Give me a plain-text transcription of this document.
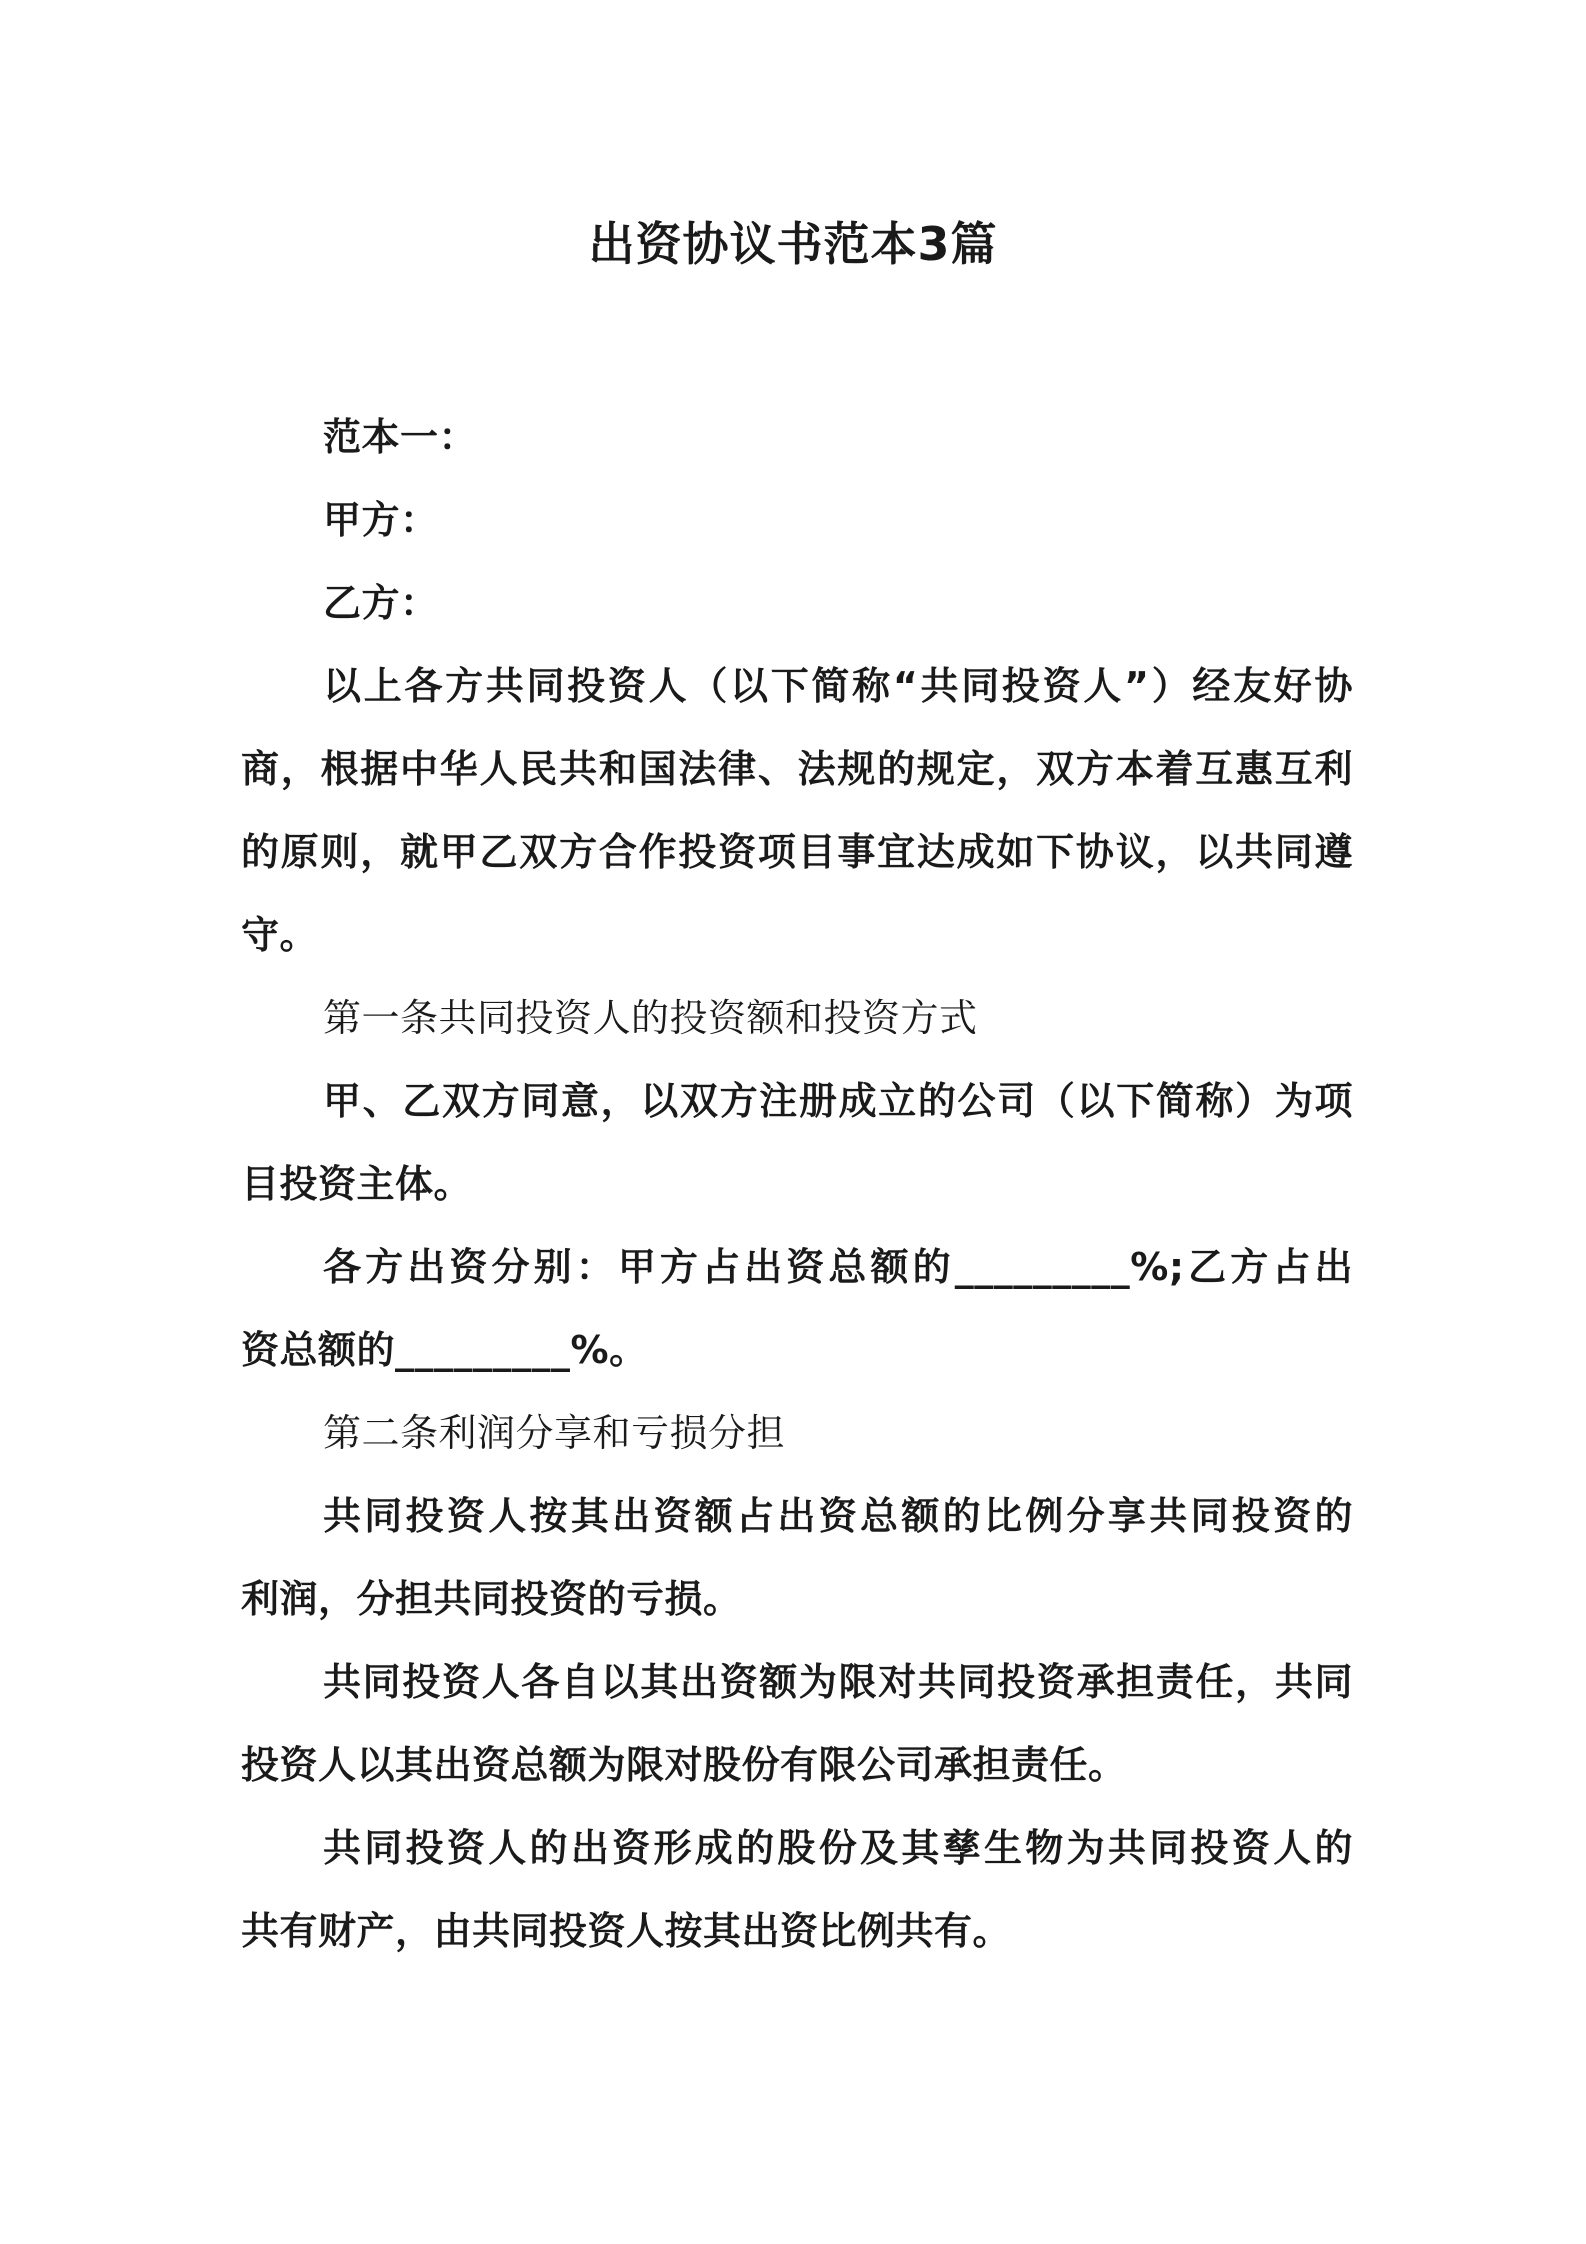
出资协议书范本3篇
范本一：
甲方：
乙方：
以上各方共同投资人（以下简称“共同投资人”）经友好协
商，根据中华人民共和国法律、法规的规定，双方本着互惠互利
的原则，就甲乙双方合作投资项目事宜达成如下协议，以共同遵
守。
第一条共同投资人的投资额和投资方式
甲、乙双方同意，以双方注册成立的公司（以下简称）为项
目投资主体。
各方出资分别：甲方占出资总额的_________%;乙方占出
资总额的_________%。
第二条利润分享和亏损分担
共同投资人按其出资额占出资总额的比例分享共同投资的
利润，分担共同投资的亏损。
共同投资人各自以其出资额为限对共同投资承担责任，共同
投资人以其出资总额为限对股份有限公司承担责任。
共同投资人的出资形成的股份及其孳生物为共同投资人的
共有财产，由共同投资人按其出资比例共有。
